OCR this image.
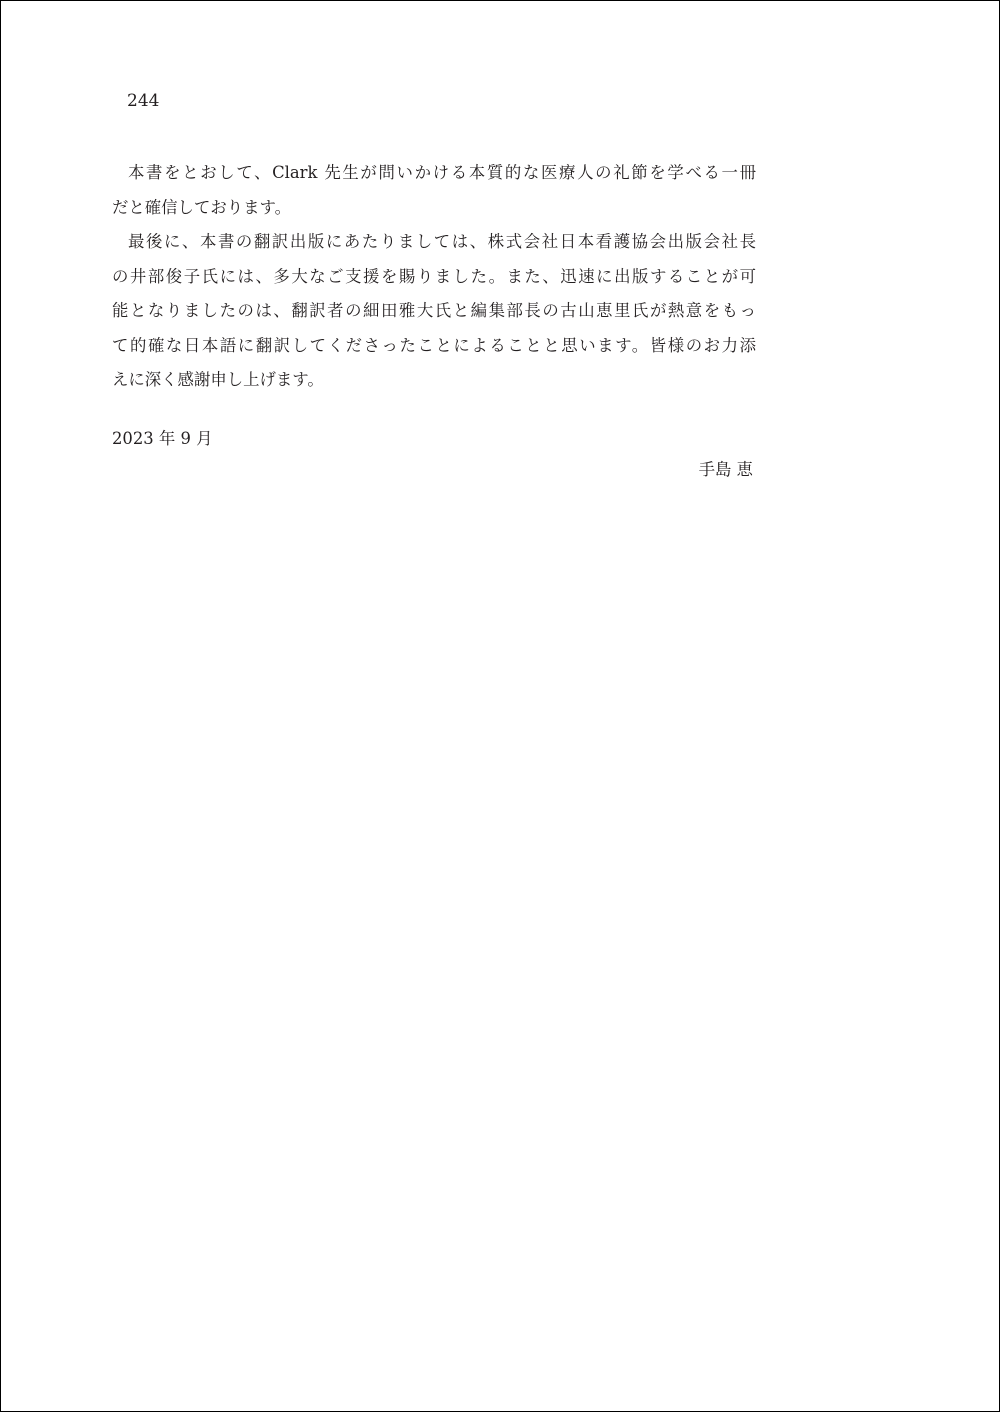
244
本書をとおして、Clark 先生が問いかける本質的な医療人の礼節を学べる一冊
だと確信しております。
最後に、本書の翻訳出版にあたりましては、株式会社日本看護協会出版会社長
の井部俊子氏には、多大なご支援を賜りました。また、迅速に出版することが可
能となりましたのは、翻訳者の細田雅大氏と編集部長の古山恵里氏が熱意をもっ
て的確な日本語に翻訳してくださったことによることと思います。皆様のお力添
えに深く感謝申し上げます。
2023 年 9 月
手島 恵
